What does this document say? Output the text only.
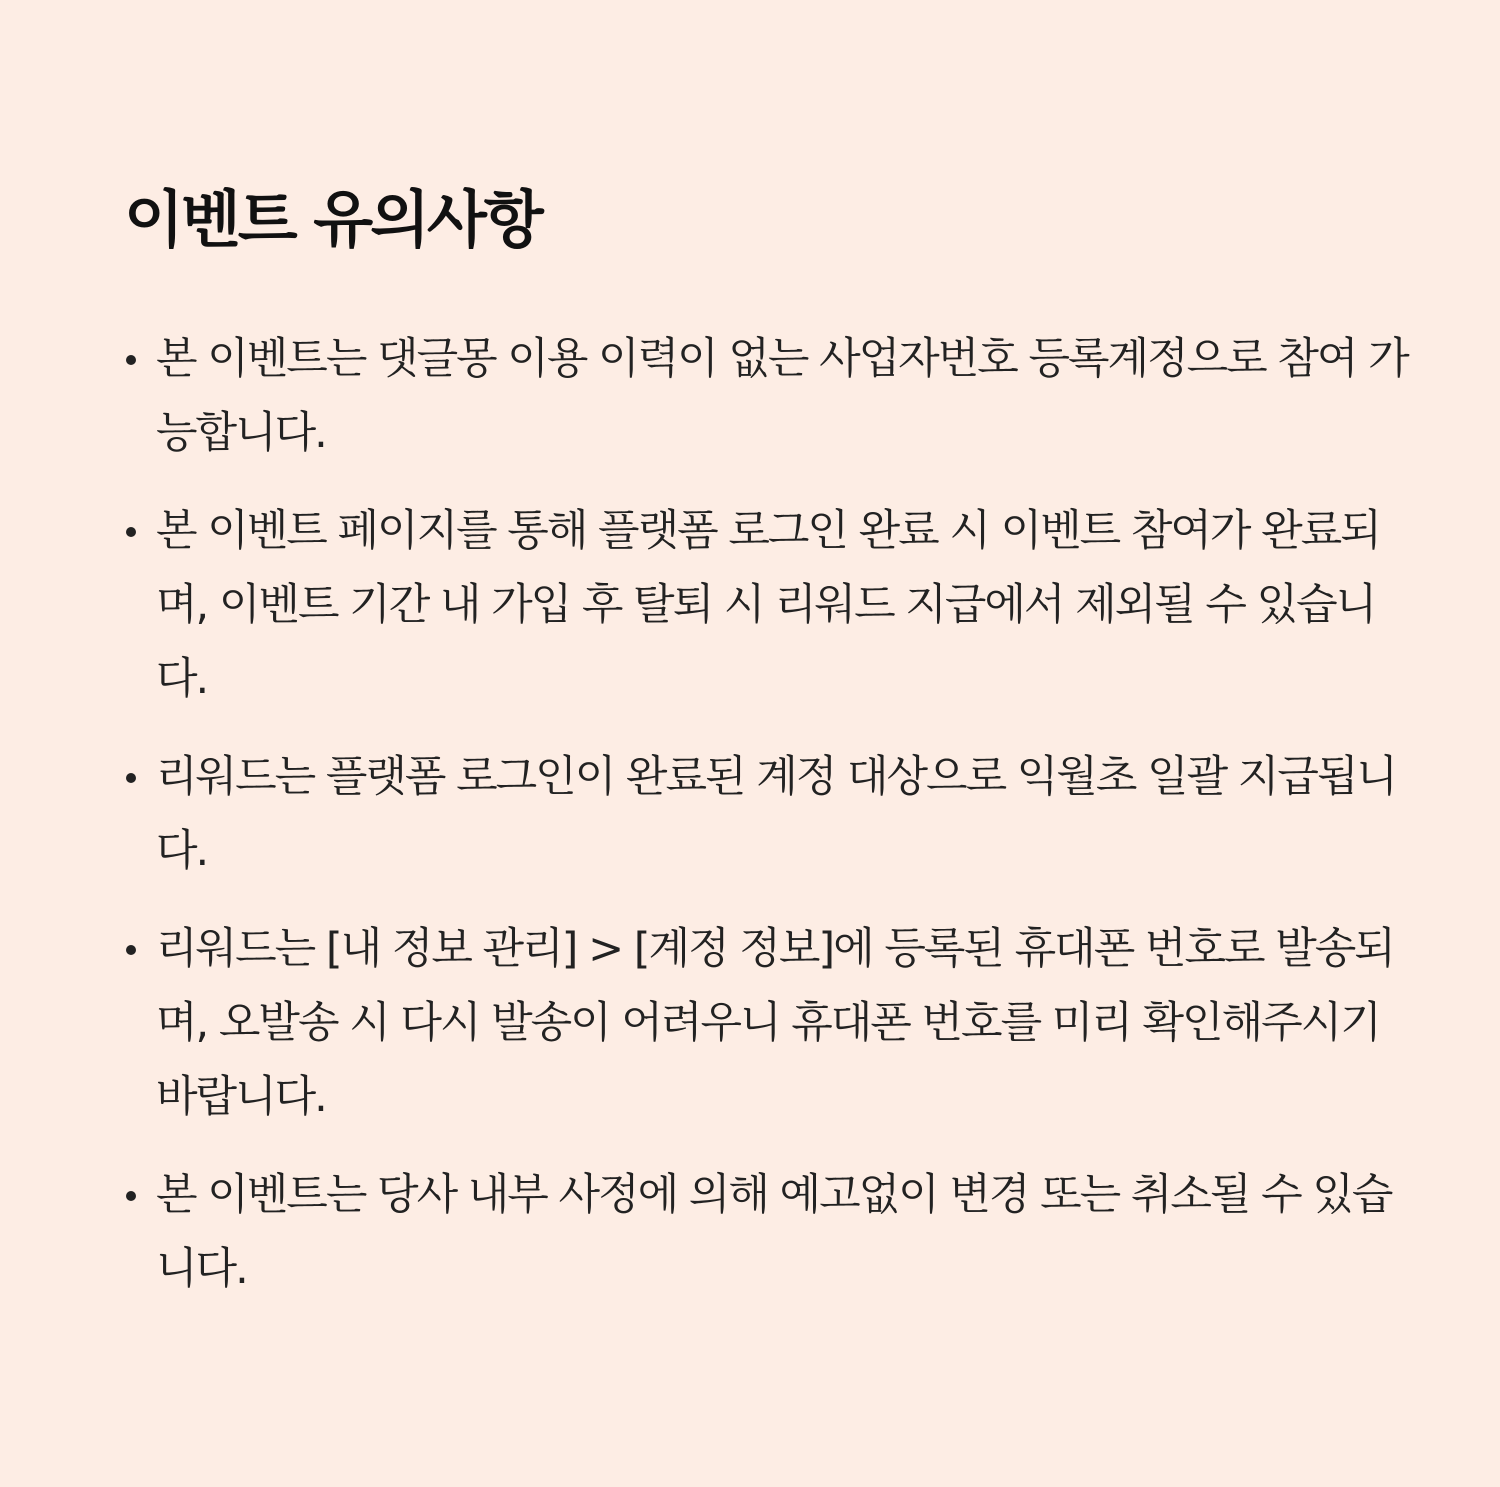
이벤트 유의사항
본 이벤트는 댓글몽 이용 이력이 없는 사업자번호 등록계정으로 참여 가능합니다.
본 이벤트 페이지를 통해 플랫폼 로그인 완료 시 이벤트 참여가 완료되며, 이벤트 기간 내 가입 후 탈퇴 시 리워드 지급에서 제외될 수 있습니다.
리워드는 플랫폼 로그인이 완료된 계정 대상으로 익월초 일괄 지급됩니다.
리워드는 [내 정보 관리] > [계정 정보]에 등록된 휴대폰 번호로 발송되며, 오발송 시 다시 발송이 어려우니 휴대폰 번호를 미리 확인해주시기 바랍니다.
본 이벤트는 당사 내부 사정에 의해 예고없이 변경 또는 취소될 수 있습니다.
